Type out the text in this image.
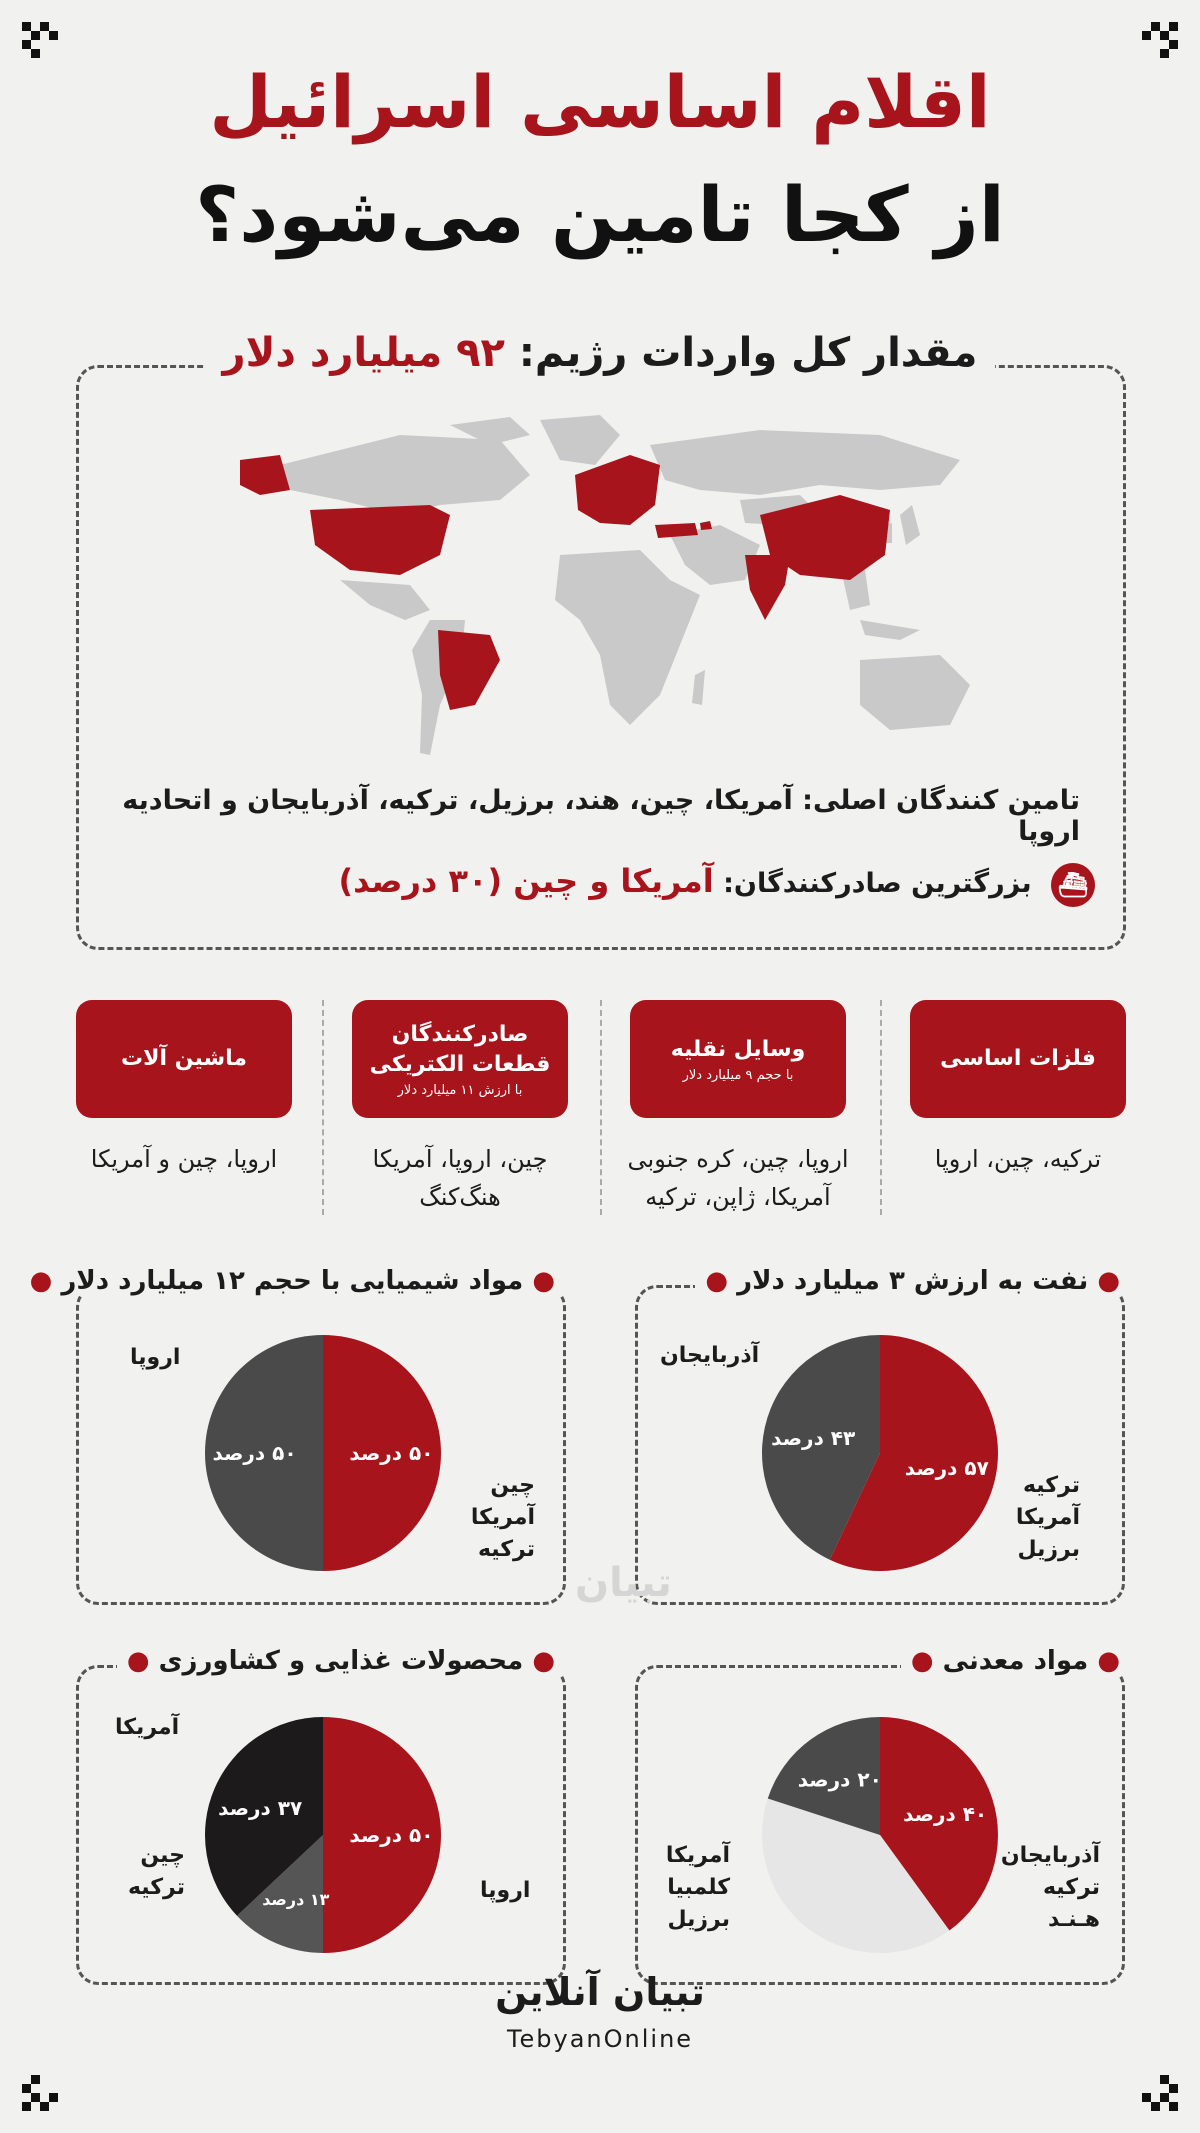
اقلام اساسی اسرائیل
از کجا تامین می‌شود؟
مقدار کل واردات رژیم: ۹۲ میلیارد دلار
تامین کنندگان اصلی: آمریکا، چین، هند، برزیل، ترکیه، آذربایجان و اتحادیه اروپا
⛴ بزرگترین صادرکنندگان: آمریکا و چین (۳۰ درصد)
فلزات اساسی
ترکیه، چین، اروپا
وسایل نقلیه
با حجم ۹ میلیارد دلار
اروپا، چین، کره جنوبی آمریکا، ژاپن، ترکیه
صادرکنندگان قطعات الکتریکی
با ارزش ۱۱ میلیارد دلار
چین، اروپا، آمریکا هنگ‌کنگ
ماشین آلات
اروپا، چین و آمریکا
● نفت به ارزش ۳ میلیارد دلار ●
۵۷ درصد
۴۳ درصد
آذربایجان
ترکیه آمریکا برزیل
● مواد شیمیایی با حجم ۱۲ میلیارد دلار ●
۵۰ درصد
۵۰ درصد
اروپا
چین آمریکا ترکیه
● مواد معدنی ●
۴۰ درصد
۲۰ درصد
آمریکا کلمبیا برزیل
آذربایجان ترکیه هـنـد
● محصولات غذایی و کشاورزی ●
۵۰ درصد
۱۳ درصد
۳۷ درصد
آمریکا
چین ترکیه	اروپا
تبیان
تبیان آنلاین
TebyanOnline
